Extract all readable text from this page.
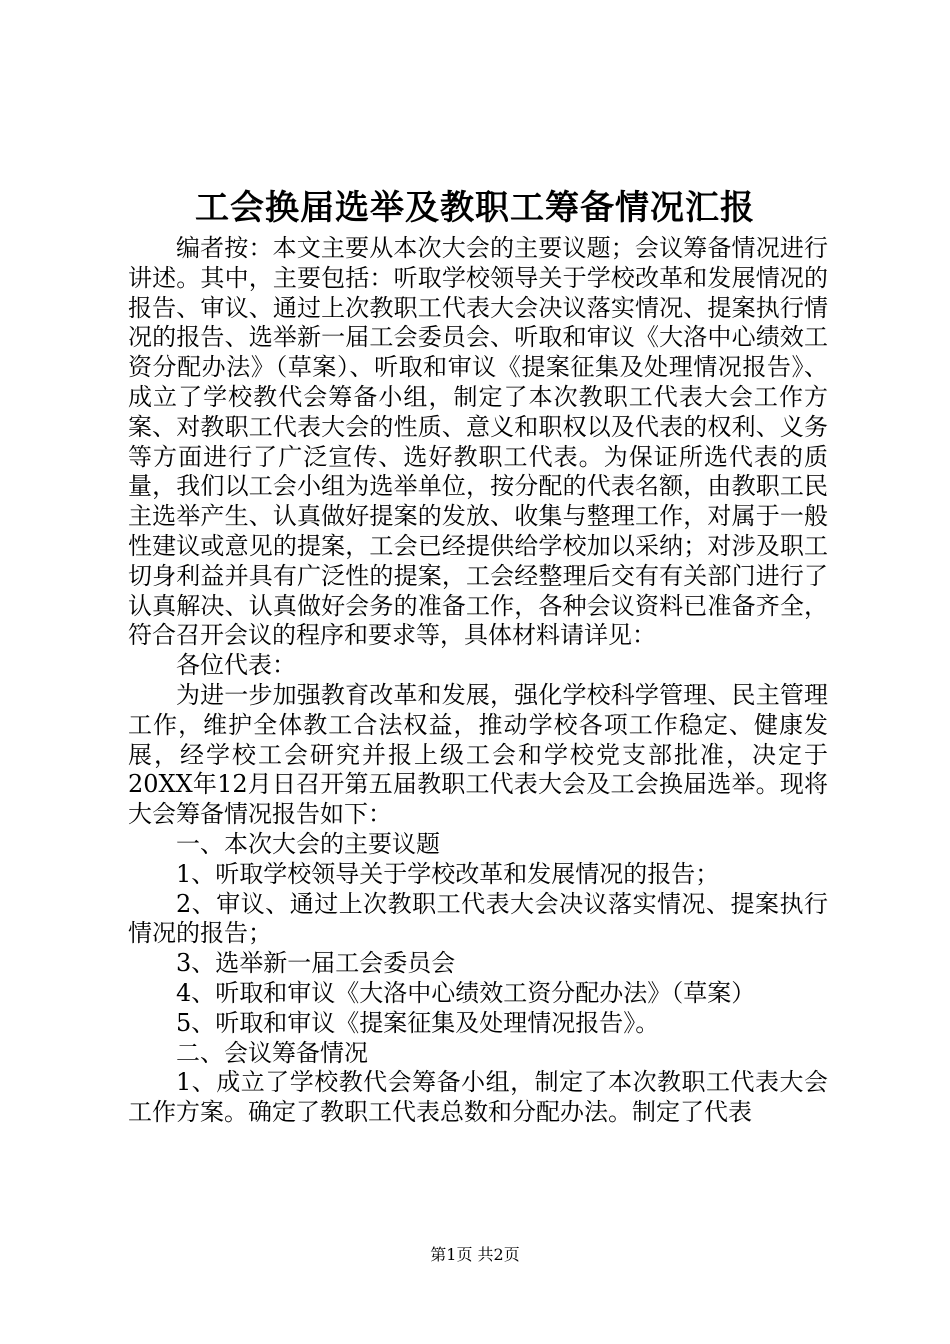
工会换届选举及教职工筹备情况汇报

编者按：本文主要从本次大会的主要议题；会议筹备情况进行讲述。其中，主要包括：听取学校领导关于学校改革和发展情况的报告、审议、通过上次教职工代表大会决议落实情况、提案执行情况的报告、选举新一届工会委员会、听取和审议《大洛中心绩效工资分配办法》（草案）、听取和审议《提案征集及处理情况报告》、成立了学校教代会筹备小组，制定了本次教职工代表大会工作方案、对教职工代表大会的性质、意义和职权以及代表的权利、义务等方面进行了广泛宣传、选好教职工代表。为保证所选代表的质量，我们以工会小组为选举单位，按分配的代表名额，由教职工民主选举产生、认真做好提案的发放、收集与整理工作，对属于一般性建议或意见的提案，工会已经提供给学校加以采纳；对涉及职工切身利益并具有广泛性的提案，工会经整理后交有有关部门进行了认真解决、认真做好会务的准备工作，各种会议资料已准备齐全，符合召开会议的程序和要求等，具体材料请详见：

各位代表：

为进一步加强教育改革和发展，强化学校科学管理、民主管理工作，维护全体教工合法权益，推动学校各项工作稳定、健康发展，经学校工会研究并报上级工会和学校党支部批准，决定于20XX年12月日召开第五届教职工代表大会及工会换届选举。现将大会筹备情况报告如下：

一、本次大会的主要议题

1、听取学校领导关于学校改革和发展情况的报告；

2、审议、通过上次教职工代表大会决议落实情况、提案执行情况的报告；

3、选举新一届工会委员会

4、听取和审议《大洛中心绩效工资分配办法》（草案）

5、听取和审议《提案征集及处理情况报告》。

二、会议筹备情况

1、成立了学校教代会筹备小组，制定了本次教职工代表大会工作方案。确定了教职工代表总数和分配办法。制定了代表

第1页 共2页
